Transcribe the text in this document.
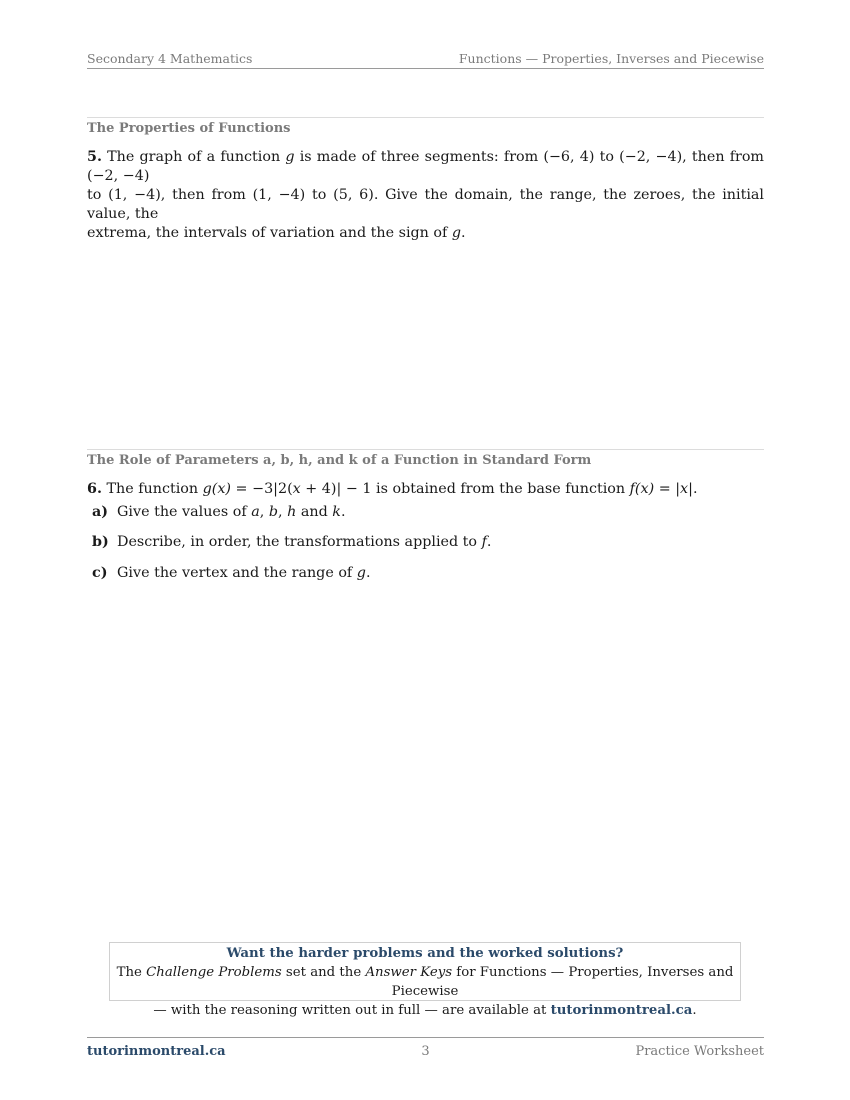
Secondary 4 Mathematics	Functions — Properties, Inverses and Piecewise
The Properties of Functions
5. The graph of a function g is made of three segments: from (−6, 4) to (−2, −4), then from (−2, −4)
to (1, −4), then from (1, −4) to (5, 6). Give the domain, the range, the zeroes, the initial value, the
extrema, the intervals of variation and the sign of g.
The Role of Parameters a, b, h, and k of a Function in Standard Form
6. The function g(x) = −3|2(x + 4)| − 1 is obtained from the base function f(x) = |x|.
a) Give the values of a, b, h and k.
b) Describe, in order, the transformations applied to f.
c) Give the vertex and the range of g.
Want the harder problems and the worked solutions?
The Challenge Problems set and the Answer Keys for Functions — Properties, Inverses and Piecewise
— with the reasoning written out in full — are available at tutorinmontreal.ca.
tutorinmontreal.ca	3	Practice Worksheet
